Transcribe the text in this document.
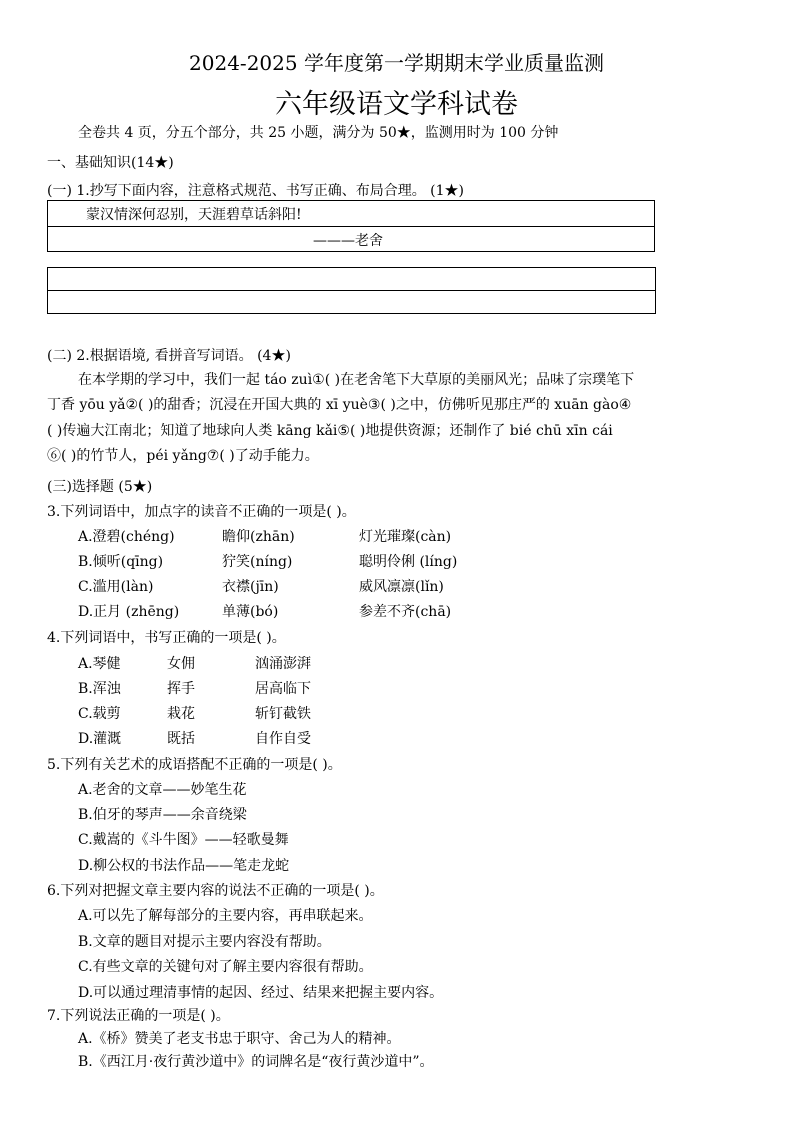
2024-2025 学年度第一学期期末学业质量监测
六年级语文学科试卷
全卷共 4 页，分五个部分，共 25 小题，满分为 50★，监测用时为 100 分钟
一、基础知识(14★)
(一) 1.抄写下面内容，注意格式规范、书写正确、布局合理。 (1★)
蒙汉情深何忍别，天涯碧草话斜阳!
———老舍
(二) 2.根据语境, 看拼音写词语。 (4★)
在本学期的学习中，我们一起 táo zuì①( )在老舍笔下大草原的美丽风光；品味了宗璞笔下
丁香 yōu yǎ②( )的甜香；沉浸在开国大典的 xī yuè③( )之中，仿佛听见那庄严的 xuān gào④
( )传遍大江南北；知道了地球向人类 kāng kǎi⑤( )地提供资源；还制作了 bié chū xīn cái
⑥( )的竹节人，péi yǎng⑦( )了动手能力。
(三)选择题 (5★)
3.下列词语中，加点字的读音不正确的一项是( )。
A.澄碧(chéng)	瞻仰(zhān)	灯光璀璨(càn)
B.倾听(qīng)	狞笑(níng)	聪明伶俐 (líng)
C.滥用(làn)	衣襟(jīn)	威风凛凛(lǐn)
D.正月 (zhēng)	单薄(bó)	参差不齐(chā)
4.下列词语中，书写正确的一项是( )。
A.琴健	女佣	汹涌澎湃
B.浑浊	挥手	居高临下
C.载剪	栽花	斩钉截铁
D.灌溉	既括	自作自受
5.下列有关艺术的成语搭配不正确的一项是( )。
A.老舍的文章——妙笔生花
B.伯牙的琴声——余音绕梁
C.戴嵩的《斗牛图》——轻歌曼舞
D.柳公权的书法作品——笔走龙蛇
6.下列对把握文章主要内容的说法不正确的一项是( )。
A.可以先了解每部分的主要内容，再串联起来。
B.文章的题目对提示主要内容没有帮助。
C.有些文章的关键句对了解主要内容很有帮助。
D.可以通过理清事情的起因、经过、结果来把握主要内容。
7.下列说法正确的一项是( )。
A.《桥》赞美了老支书忠于职守、舍己为人的精神。
B.《西江月·夜行黄沙道中》的词牌名是“夜行黄沙道中”。
